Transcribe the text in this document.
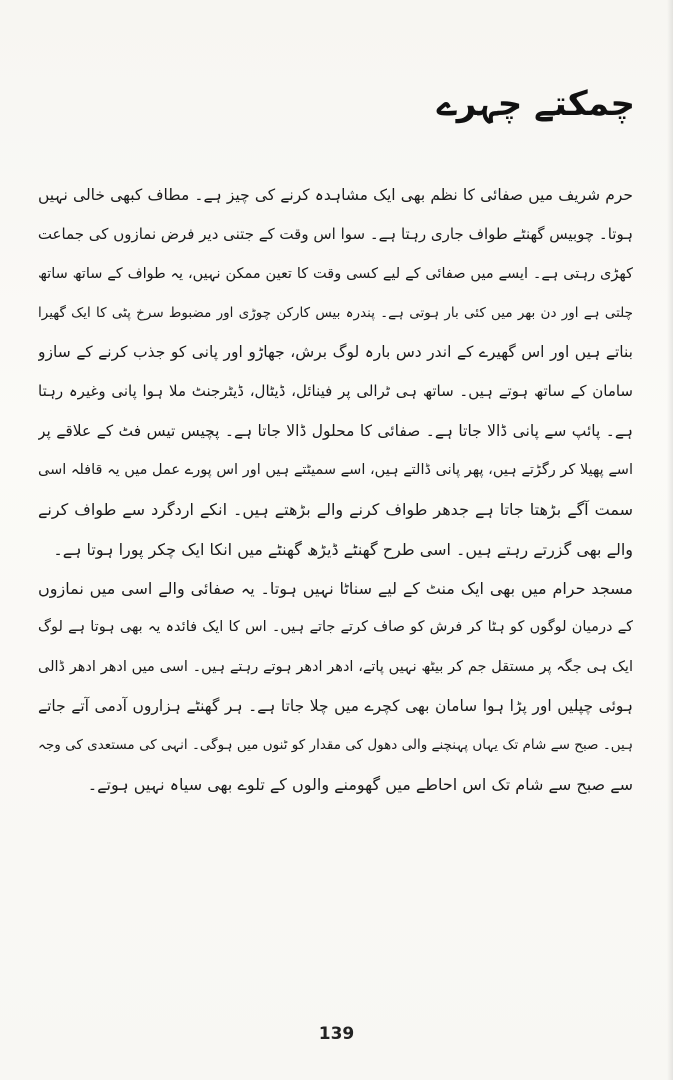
چمکتے چہرے
حرم شریف میں صفائی کا نظم بھی ایک مشاہدہ کرنے کی چیز ہے۔ مطاف کبھی خالی نہیں
ہوتا۔ چوبیس گھنٹے طواف جاری رہتا ہے۔ سوا اس وقت کے جتنی دیر فرض نمازوں کی جماعت
کھڑی رہتی ہے۔ ایسے میں صفائی کے لیے کسی وقت کا تعین ممکن نہیں، یہ طواف کے ساتھ ساتھ
چلتی ہے اور دن بھر میں کئی بار ہوتی ہے۔ پندرہ بیس کارکن چوڑی اور مضبوط سرخ پٹی کا ایک گھیرا
بناتے ہیں اور اس گھیرے کے اندر دس بارہ لوگ برش، جھاڑو اور پانی کو جذب کرنے کے سازو
سامان کے ساتھ ہوتے ہیں۔ ساتھ ہی ٹرالی پر فینائل، ڈیٹال، ڈیٹرجنٹ ملا ہوا پانی وغیرہ رہتا
ہے۔ پائپ سے پانی ڈالا جاتا ہے۔ صفائی کا محلول ڈالا جاتا ہے۔ پچیس تیس فٹ کے علاقے پر
اسے پھیلا کر رگڑتے ہیں، پھر پانی ڈالتے ہیں، اسے سمیٹتے ہیں اور اس پورے عمل میں یہ قافلہ اسی
سمت آگے بڑھتا جاتا ہے جدھر طواف کرنے والے بڑھتے ہیں۔ انکے اردگرد سے طواف کرنے
والے بھی گزرتے رہتے ہیں۔ اسی طرح گھنٹے ڈیڑھ گھنٹے میں انکا ایک چکر پورا ہوتا ہے۔
مسجد حرام میں بھی ایک منٹ کے لیے سناٹا نہیں ہوتا۔ یہ صفائی والے اسی میں نمازوں
کے درمیان لوگوں کو ہٹا کر فرش کو صاف کرتے جاتے ہیں۔ اس کا ایک فائدہ یہ بھی ہوتا ہے لوگ
ایک ہی جگہ پر مستقل جم کر بیٹھ نہیں پاتے، ادھر ادھر ہوتے رہتے ہیں۔ اسی میں ادھر ادھر ڈالی
ہوئی چپلیں اور پڑا ہوا سامان بھی کچرے میں چلا جاتا ہے۔ ہر گھنٹے ہزاروں آدمی آتے جاتے
ہیں۔ صبح سے شام تک یہاں پہنچنے والی دھول کی مقدار کو ٹنوں میں ہوگی۔ انہی کی مستعدی کی وجہ
سے صبح سے شام تک اس احاطے میں گھومنے والوں کے تلوے بھی سیاہ نہیں ہوتے۔
139
